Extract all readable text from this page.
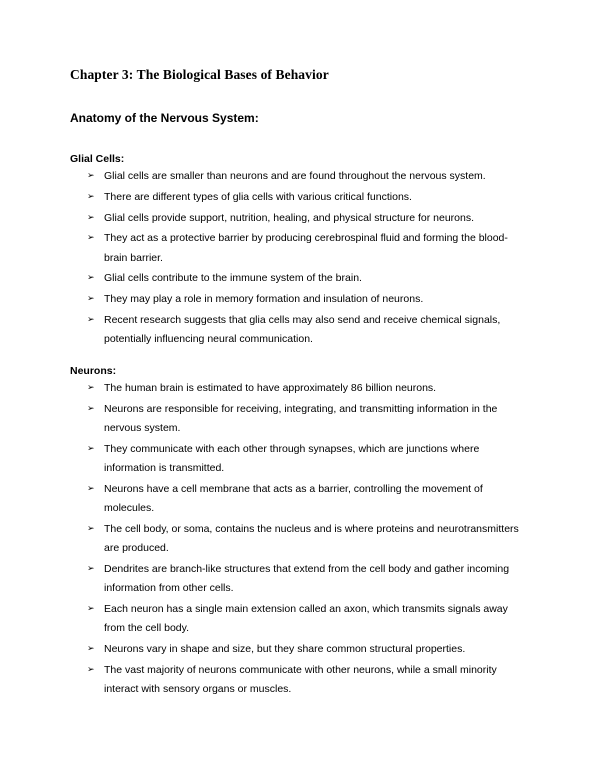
Chapter 3: The Biological Bases of Behavior
Anatomy of the Nervous System:
Glial Cells:
➢ Glial cells are smaller than neurons and are found throughout the nervous system.
➢ There are different types of glia cells with various critical functions.
➢ Glial cells provide support, nutrition, healing, and physical structure for neurons.
➢ They act as a protective barrier by producing cerebrospinal fluid and forming the blood-brain barrier.
➢ Glial cells contribute to the immune system of the brain.
➢ They may play a role in memory formation and insulation of neurons.
➢ Recent research suggests that glia cells may also send and receive chemical signals, potentially influencing neural communication.
Neurons:
➢ The human brain is estimated to have approximately 86 billion neurons.
➢ Neurons are responsible for receiving, integrating, and transmitting information in the nervous system.
➢ They communicate with each other through synapses, which are junctions where information is transmitted.
➢ Neurons have a cell membrane that acts as a barrier, controlling the movement of molecules.
➢ The cell body, or soma, contains the nucleus and is where proteins and neurotransmitters are produced.
➢ Dendrites are branch-like structures that extend from the cell body and gather incoming information from other cells.
➢ Each neuron has a single main extension called an axon, which transmits signals away from the cell body.
➢ Neurons vary in shape and size, but they share common structural properties.
➢ The vast majority of neurons communicate with other neurons, while a small minority interact with sensory organs or muscles.
